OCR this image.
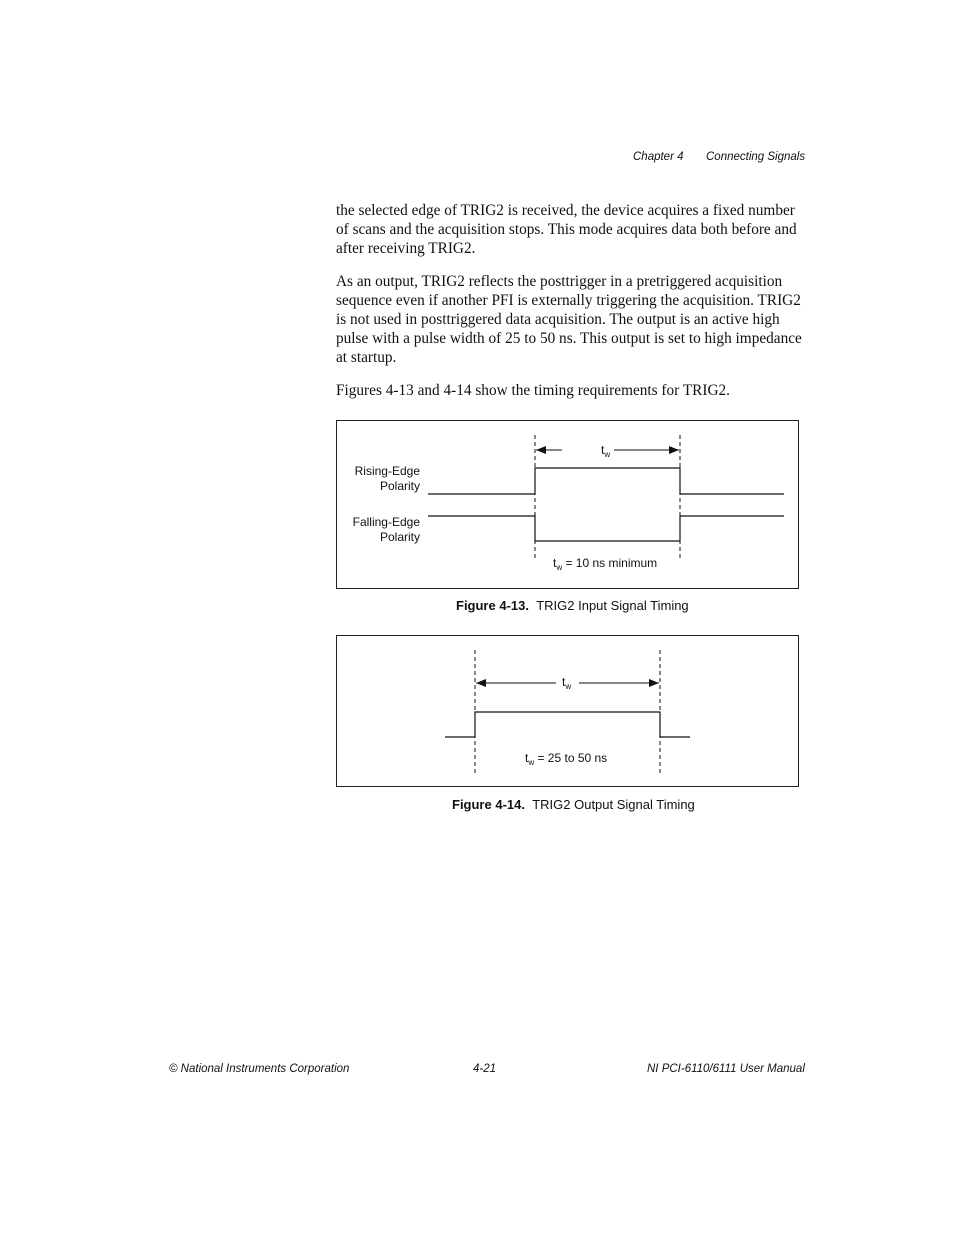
Chapter 4 Connecting Signals

the selected edge of TRIG2 is received, the device acquires a fixed number of scans and the acquisition stops. This mode acquires data both before and after receiving TRIG2.

As an output, TRIG2 reflects the posttrigger in a pretriggered acquisition sequence even if another PFI is externally triggering the acquisition. TRIG2 is not used in posttriggered data acquisition. The output is an active high pulse with a pulse width of 25 to 50 ns. This output is set to high impedance at startup.

Figures 4-13 and 4-14 show the timing requirements for TRIG2.

$t_w$
Rising-Edge
Polarity
Falling-Edge
Polarity
$t_w = 10$ ns minimum
Figure 4-13. TRIG2 Input Signal Timing
$t_w$
$t_w = 25$ to 50 ns
Figure 4-14. TRIG2 Output Signal Timing
© National Instruments Corporation	4-21	NI PCI-6110/6111 User Manual
